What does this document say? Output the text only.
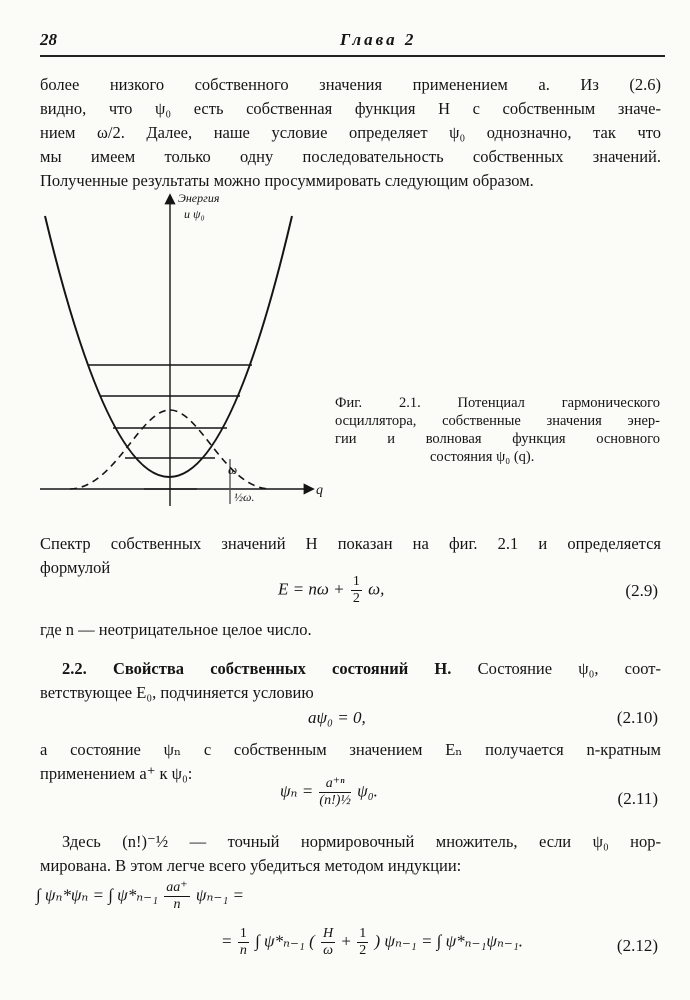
28	Глава 2
более низкого собственного значения применением a. Из (2.6)
видно, что ψ₀ есть собственная функция H с собственным значе-
нием ω/2. Далее, наше условие определяет ψ₀ однозначно, так что
мы имеем только одну последовательность собственных значений.
Полученные результаты можно просуммировать следующим образом.
ω
½ω.
Энергия
и ψ₀
q
Фиг. 2.1. Потенциал гармонического
осциллятора, собственные значения энер-
гии и волновая функция основного
состояния ψ₀ (q).
Спектр собственных значений H показан на фиг. 2.1 и определяется
формулой
$E = n\omega + \frac{1}{2} \omega$,	(2.9)
где n — неотрицательное целое число.
2.2. Свойства собственных состояний H. Состояние ψ₀, соот-
ветствующее E₀, подчиняется условию
aψ₀ = 0,	(2.10)
а состояние ψₙ с собственным значением Eₙ получается n-кратным
применением a⁺ к ψ₀:
$\psi_n = \frac{\text{a⁺ⁿ}}{\text{(n!)½}} \psi_0$.	(2.11)
Здесь (n!)⁻½ — точный нормировочный множитель, если ψ₀ нор-
мирована. В этом легче всего убедиться методом индукции:
∫ ψₙ*ψₙ = ∫ $\psi*_{n-1} \frac{aa^+}{n} \psi_{n-1}$ =
= $\frac{1}{n}$ ∫ ψ*ₙ₋₁ ( $\frac{H}{\omega} + \frac{1}{2}$ ) ψₙ₋₁ = ∫ ψ*ₙ₋₁ψₙ₋₁.	(2.12)
